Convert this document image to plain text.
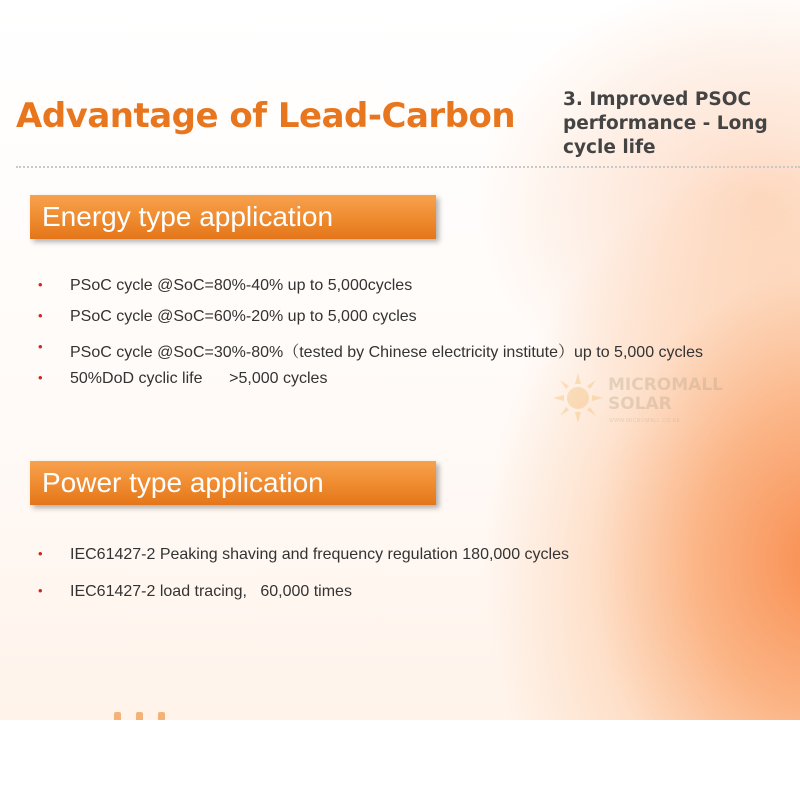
Advantage of Lead-Carbon	3. Improved PSOC performance - Long cycle life

Energy type application
• PSoC cycle @SoC=80%-40% up to 5,000cycles
• PSoC cycle @SoC=60%-20% up to 5,000 cycles
• PSoC cycle @SoC=30%-80%（tested by Chinese electricity institute）up to 5,000 cycles
• 50%DoD cyclic life      >5,000 cycles	MICROMALL
SOLAR
WWW.MICROMALL.CO.KE
Power type application
• IEC61427-2 Peaking shaving and frequency regulation 180,000 cycles
• IEC61427-2 load tracing,   60,000 times
